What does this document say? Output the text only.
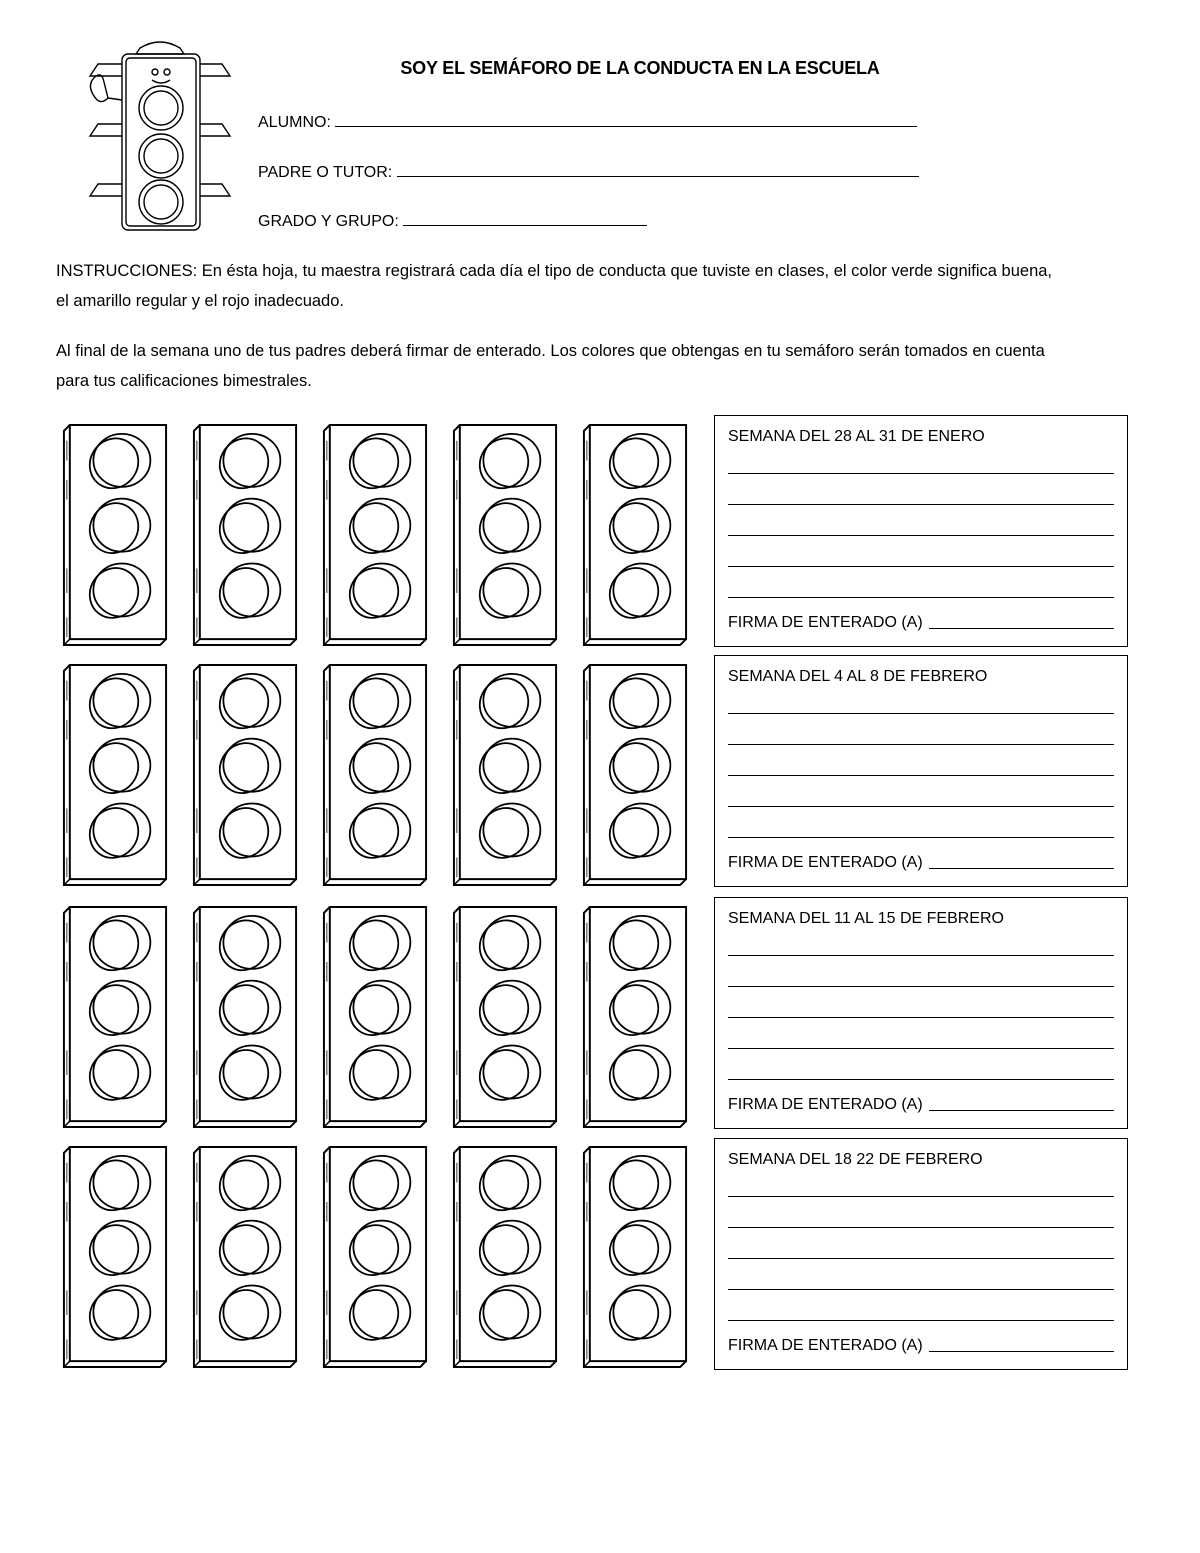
SOY EL SEMÁFORO DE LA CONDUCTA EN LA ESCUELA
ALUMNO:
PADRE O TUTOR:
GRADO Y GRUPO:
INSTRUCCIONES: En ésta hoja, tu maestra registrará cada día el tipo de conducta que tuviste en clases, el color verde significa buena, el amarillo regular y el rojo inadecuado.
Al final de la semana uno de tus padres deberá firmar de enterado. Los colores que obtengas en tu semáforo serán tomados en cuenta para tus calificaciones bimestrales.
SEMANA DEL 28 AL 31 DE ENERO
FIRMA DE ENTERADO (A)
SEMANA DEL 4 AL 8 DE FEBRERO
FIRMA DE ENTERADO (A)
SEMANA DEL 11 AL 15 DE FEBRERO
FIRMA DE ENTERADO (A)
SEMANA DEL 18 22 DE FEBRERO
FIRMA DE ENTERADO (A)
